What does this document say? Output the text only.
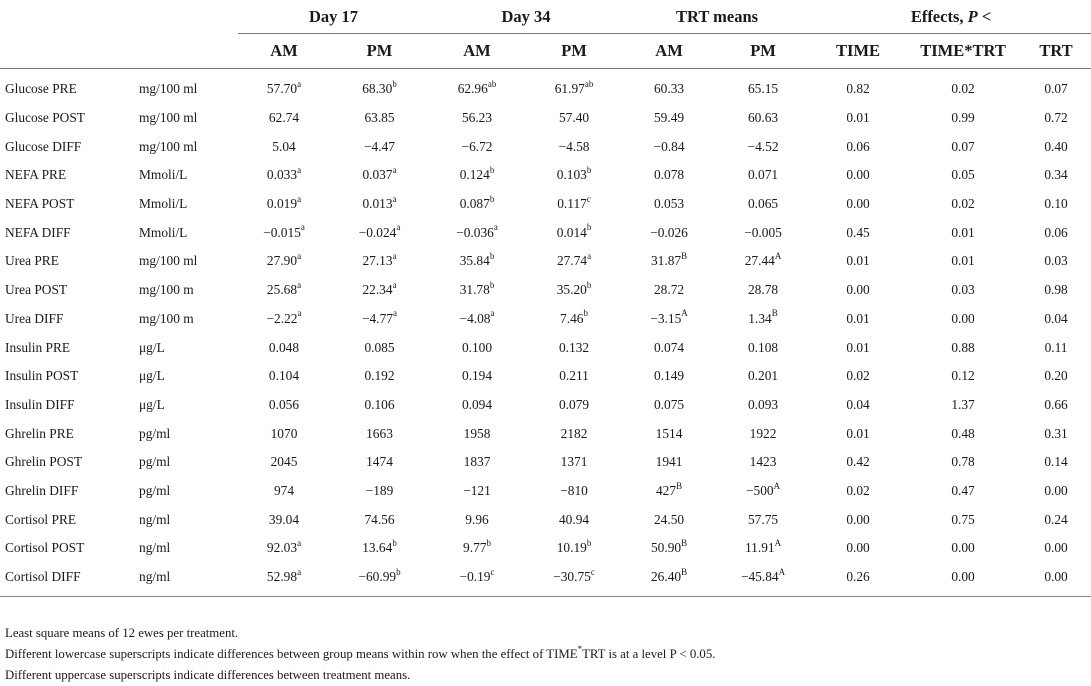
		Day 17		Day 34		TRT means		Effects, P <		
		AM	PM	AM	PM	AM	PM	TIME	TIME*TRT	TRT
Glucose PRE	mg/100 ml	57.70$^a$	68.30$^b$	62.96$^{ab}$	61.97$^{ab}$	60.33	65.15	0.82	0.02	0.07
Glucose POST	mg/100 ml	62.74	63.85	56.23	57.40	59.49	60.63	0.01	0.99	0.72
Glucose DIFF	mg/100 ml	5.04	−4.47	−6.72	−4.58	−0.84	−4.52	0.06	0.07	0.40
NEFA PRE	Mmoli/L	0.033$^a$	0.037$^a$	0.124$^b$	0.103$^b$	0.078	0.071	0.00	0.05	0.34
NEFA POST	Mmoli/L	0.019$^a$	0.013$^a$	0.087$^b$	0.117$^c$	0.053	0.065	0.00	0.02	0.10
NEFA DIFF	Mmoli/L	−0.015$^a$	−0.024$^a$	−0.036$^a$	0.014$^b$	−0.026	−0.005	0.45	0.01	0.06
Urea PRE	mg/100 ml	27.90$^a$	27.13$^a$	35.84$^b$	27.74$^a$	$31.87^B$	$27.44^A$	0.01	0.01	0.03
Urea POST	mg/100 m	25.68$^a$	22.34$^a$	31.78$^b$	35.20$^b$	28.72	28.78	0.00	0.03	0.98
Urea DIFF	mg/100 m	−2.22$^a$	−4.77$^a$	−4.08$^a$	7.46$^b$	$-3.15^A$	$1.34^B$	0.01	0.00	0.04
Insulin PRE	μg/L	0.048	0.085	0.100	0.132	0.074	0.108	0.01	0.88	0.11
Insulin POST	μg/L	0.104	0.192	0.194	0.211	0.149	0.201	0.02	0.12	0.20
Insulin DIFF	μg/L	0.056	0.106	0.094	0.079	0.075	0.093	0.04	1.37	0.66
Ghrelin PRE	pg/ml	1070	1663	1958	2182	1514	1922	0.01	0.48	0.31
Ghrelin POST	pg/ml	2045	1474	1837	1371	1941	1423	0.42	0.78	0.14
Ghrelin DIFF	pg/ml	974	−189	−121	−810	$427^B$	$-500^A$	0.02	0.47	0.00
Cortisol PRE	ng/ml	39.04	74.56	9.96	40.94	24.50	57.75	0.00	0.75	0.24
Cortisol POST	ng/ml	92.03$^a$	13.64$^b$	9.77$^b$	10.19$^b$	$50.90^B$	$11.91^A$	0.00	0.00	0.00
Cortisol DIFF	ng/ml	52.98$^a$	−60.99$^b$	−0.19$^c$	−30.75$^c$	$26.40^B$	$-45.84^A$	0.26	0.00	0.00
Least square means of 12 ewes per treatment.
Different lowercase superscripts indicate differences between group means within row when the effect of TIME*TRT is at a level P < 0.05.
Different uppercase superscripts indicate differences between treatment means.
